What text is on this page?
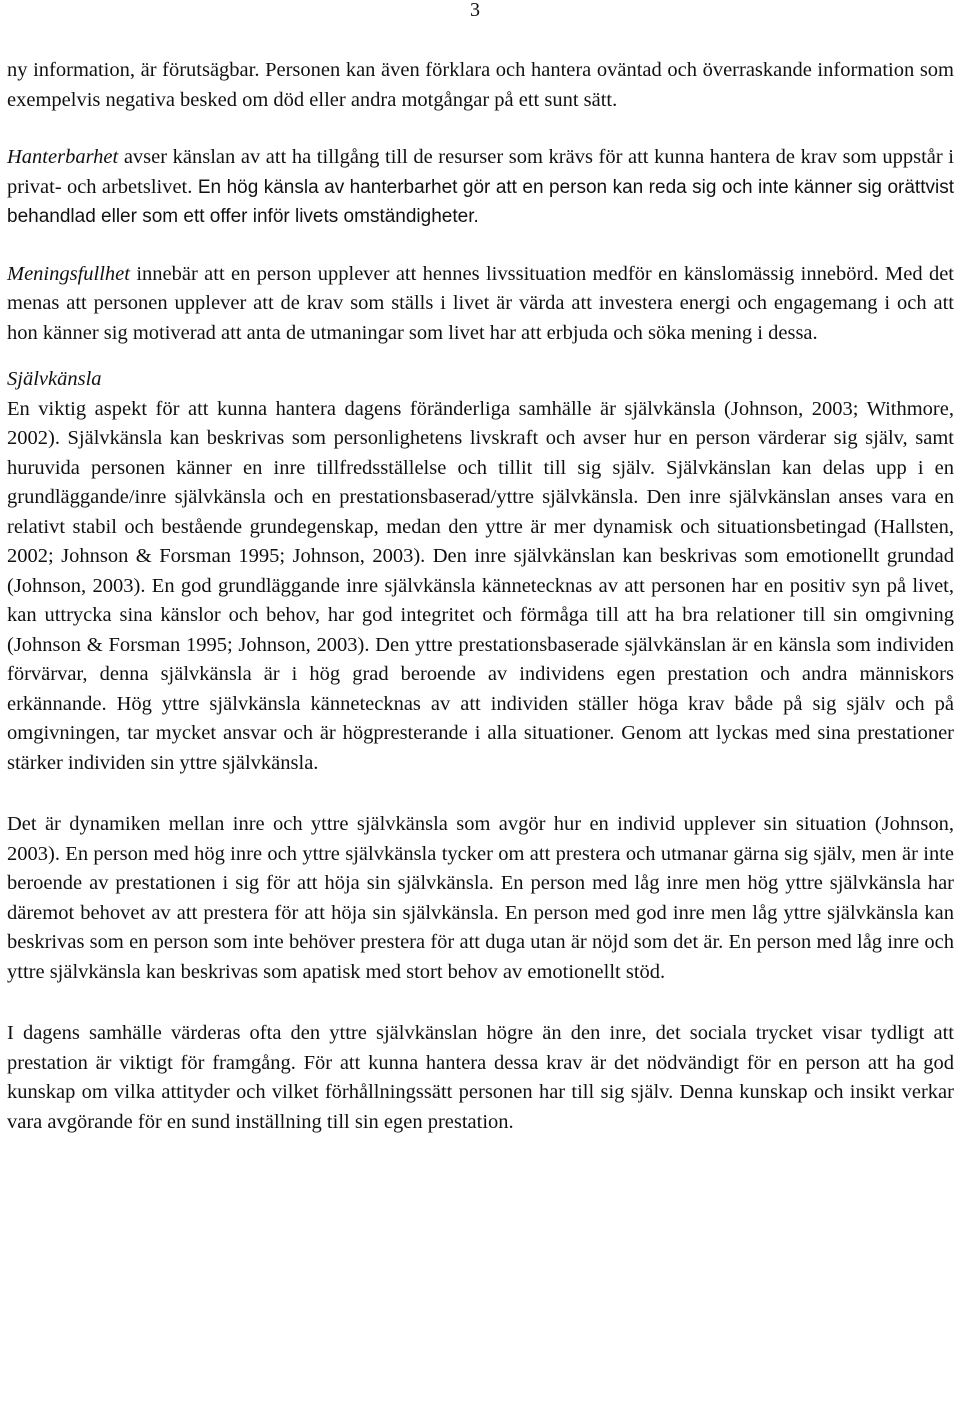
3

ny information, är förutsägbar. Personen kan även förklara och hantera oväntad och överraskande information som exempelvis negativa besked om död eller andra motgångar på ett sunt sätt.

Hanterbarhet avser känslan av att ha tillgång till de resurser som krävs för att kunna hantera de krav som uppstår i privat- och arbetslivet. En hög känsla av hanterbarhet gör att en person kan reda sig och inte känner sig orättvist behandlad eller som ett offer inför livets omständigheter.

Meningsfullhet innebär att en person upplever att hennes livssituation medför en känslomässig innebörd. Med det menas att personen upplever att de krav som ställs i livet är värda att investera energi och engagemang i och att hon känner sig motiverad att anta de utmaningar som livet har att erbjuda och söka mening i dessa.

Självkänsla

En viktig aspekt för att kunna hantera dagens föränderliga samhälle är självkänsla (Johnson, 2003; Withmore, 2002). Självkänsla kan beskrivas som personlighetens livskraft och avser hur en person värderar sig själv, samt huruvida personen känner en inre tillfredsställelse och tillit till sig själv. Självkänslan kan delas upp i en grundläggande/inre självkänsla och en prestationsbaserad/yttre självkänsla. Den inre självkänslan anses vara en relativt stabil och bestående grundegenskap, medan den yttre är mer dynamisk och situationsbetingad (Hallsten, 2002; Johnson & Forsman 1995; Johnson, 2003). Den inre självkänslan kan beskrivas som emotionellt grundad (Johnson, 2003). En god grundläggande inre självkänsla kännetecknas av att personen har en positiv syn på livet, kan uttrycka sina känslor och behov, har god integritet och förmåga till att ha bra relationer till sin omgivning (Johnson & Forsman 1995; Johnson, 2003). Den yttre prestationsbaserade självkänslan är en känsla som individen förvärvar, denna självkänsla är i hög grad beroende av individens egen prestation och andra människors erkännande. Hög yttre självkänsla kännetecknas av att individen ställer höga krav både på sig själv och på omgivningen, tar mycket ansvar och är högpresterande i alla situationer. Genom att lyckas med sina prestationer stärker individen sin yttre självkänsla.

Det är dynamiken mellan inre och yttre självkänsla som avgör hur en individ upplever sin situation (Johnson, 2003). En person med hög inre och yttre självkänsla tycker om att prestera och utmanar gärna sig själv, men är inte beroende av prestationen i sig för att höja sin självkänsla. En person med låg inre men hög yttre självkänsla har däremot behovet av att prestera för att höja sin självkänsla. En person med god inre men låg yttre självkänsla kan beskrivas som en person som inte behöver prestera för att duga utan är nöjd som det är. En person med låg inre och yttre självkänsla kan beskrivas som apatisk med stort behov av emotionellt stöd.

I dagens samhälle värderas ofta den yttre självkänslan högre än den inre, det sociala trycket visar tydligt att prestation är viktigt för framgång. För att kunna hantera dessa krav är det nödvändigt för en person att ha god kunskap om vilka attityder och vilket förhållningssätt personen har till sig själv. Denna kunskap och insikt verkar vara avgörande för en sund inställning till sin egen prestation.
